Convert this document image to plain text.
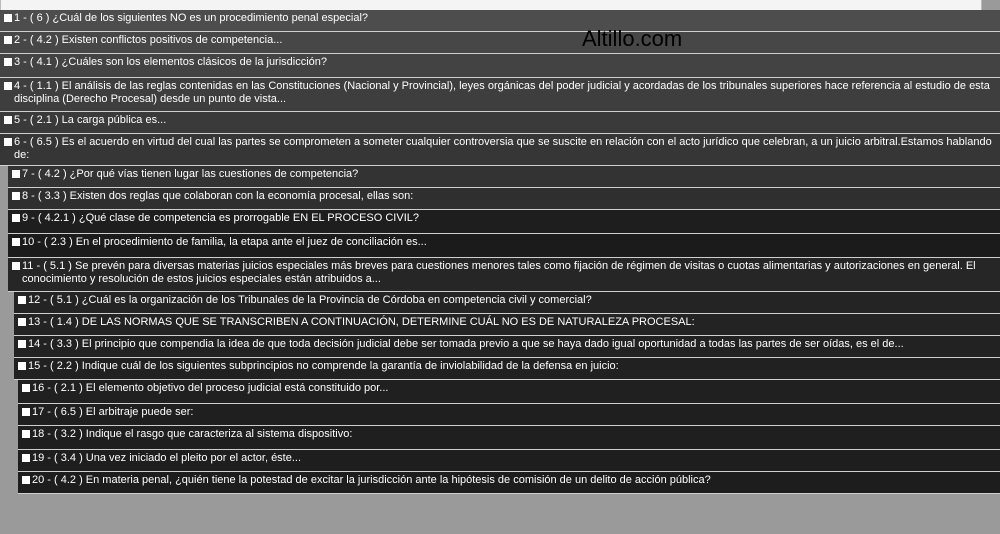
Altillo.com
1 - ( 6 ) ¿Cuál de los siguientes NO es un procedimiento penal especial?
2 - ( 4.2 ) Existen conflictos positivos de competencia...
3 - ( 4.1 ) ¿Cuáles son los elementos clásicos de la jurisdicción?
4 - ( 1.1 ) El análisis de las reglas contenidas en las Constituciones (Nacional y Provincial), leyes orgánicas del poder judicial y acordadas de los tribunales superiores hace referencia al estudio de esta disciplina (Derecho Procesal) desde un punto de vista...
5 - ( 2.1 ) La carga pública es...
6 - ( 6.5 ) Es el acuerdo en virtud del cual las partes se comprometen a someter cualquier controversia que se suscite en relación con el acto jurídico que celebran, a un juicio arbitral.Estamos hablando de:
7 - ( 4.2 ) ¿Por qué vías tienen lugar las cuestiones de competencia?
8 - ( 3.3 ) Existen dos reglas que colaboran con la economía procesal, ellas son:
9 - ( 4.2.1 ) ¿Qué clase de competencia es prorrogable EN EL PROCESO CIVIL?
10 - ( 2.3 ) En el procedimiento de familia, la etapa ante el juez de conciliación es...
11 - ( 5.1 ) Se prevén para diversas materias juicios especiales más breves para cuestiones menores tales como fijación de régimen de visitas o cuotas alimentarias y autorizaciones en general. El conocimiento y resolución de estos juicios especiales están atribuidos a...
12 - ( 5.1 ) ¿Cuál es la organización de los Tribunales de la Provincia de Córdoba en competencia civil y comercial?
13 - ( 1.4 ) DE LAS NORMAS QUE SE TRANSCRIBEN A CONTINUACIÓN, DETERMINE CUÁL NO ES DE NATURALEZA PROCESAL:
14 - ( 3.3 ) El principio que compendia la idea de que toda decisión judicial debe ser tomada previo a que se haya dado igual oportunidad a todas las partes de ser oídas, es el de...
15 - ( 2.2 ) Indique cuál de los siguientes subprincipios no comprende la garantía de inviolabilidad de la defensa en juicio:
16 - ( 2.1 ) El elemento objetivo del proceso judicial está constituido por...
17 - ( 6.5 ) El arbitraje puede ser:
18 - ( 3.2 ) Indique el rasgo que caracteriza al sistema dispositivo:
19 - ( 3.4 ) Una vez iniciado el pleito por el actor, éste...
20 - ( 4.2 ) En materia penal, ¿quién tiene la potestad de excitar la jurisdicción ante la hipótesis de comisión de un delito de acción pública?
